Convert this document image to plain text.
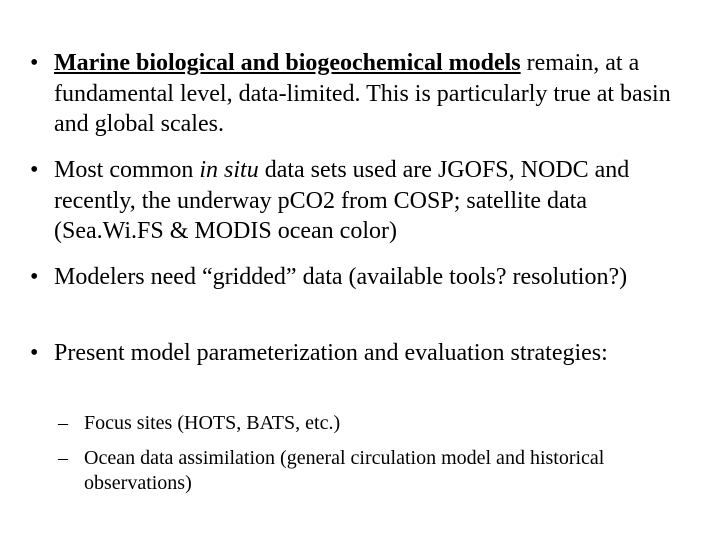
• Marine biological and biogeochemical models remain, at a fundamental level, data-limited. This is particularly true at basin and global scales.
• Most common in situ data sets used are JGOFS, NODC and recently, the underway pCO2 from COSP; satellite data (Sea.Wi.FS & MODIS ocean color)
• Modelers need “gridded” data (available tools? resolution?)
• Present model parameterization and evaluation strategies:
– Focus sites (HOTS, BATS, etc.)
– Ocean data assimilation (general circulation model and historical observations)
